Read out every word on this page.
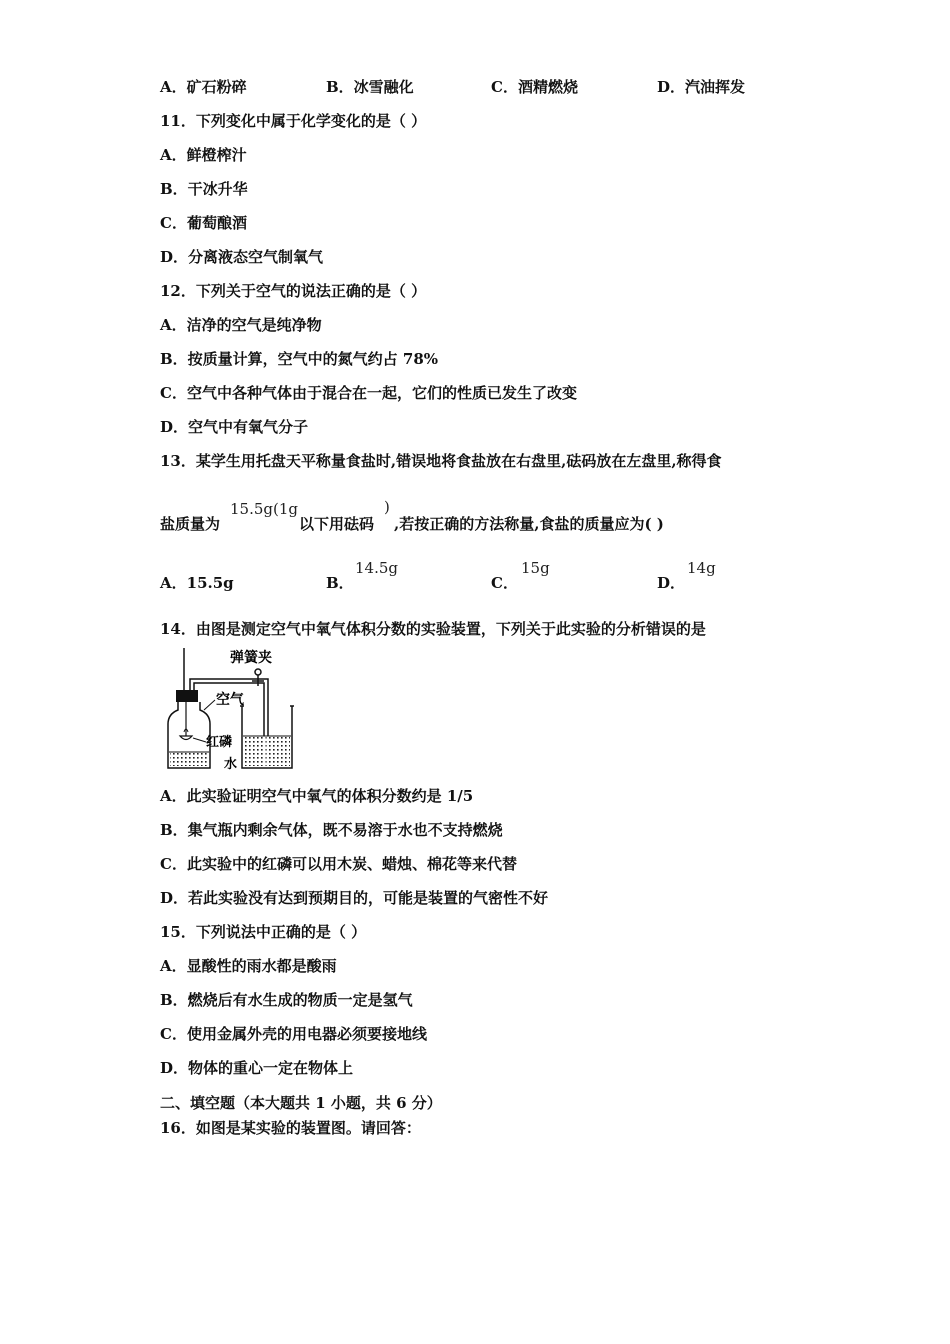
A．矿石粉碎	B．冰雪融化	C．酒精燃烧	D．汽油挥发
11．下列变化中属于化学变化的是（ ）
A．鲜橙榨汁
B．干冰升华
C．葡萄酿酒
D．分离液态空气制氧气
12．下列关于空气的说法正确的是（ ）
A．洁净的空气是纯净物
B．按质量计算，空气中的氮气约占 78%
C．空气中各种气体由于混合在一起，它们的性质已发生了改变
D．空气中有氧气分子
13．某学生用托盘天平称量食盐时,错误地将食盐放在右盘里,砝码放在左盘里,称得食
盐质量为
15.5g(1g	)
以下用砝码 ,若按正确的方法称量,食盐的质量应为( )
A．15.5g	B．
14.5g
C．
15g
D．
14g
14．由图是测定空气中氧气体积分数的实验装置，下列关于此实验的分析错误的是
弹簧夹
空气
红磷
水
A．此实验证明空气中氧气的体积分数约是 1/5
B．集气瓶内剩余气体，既不易溶于水也不支持燃烧
C．此实验中的红磷可以用木炭、蜡烛、棉花等来代替
D．若此实验没有达到预期目的，可能是装置的气密性不好
15．下列说法中正确的是（ ）
A．显酸性的雨水都是酸雨
B．燃烧后有水生成的物质一定是氢气
C．使用金属外壳的用电器必须要接地线
D．物体的重心一定在物体上
二、填空题（本大题共 1 小题，共 6 分）
16．如图是某实验的装置图。请回答：
